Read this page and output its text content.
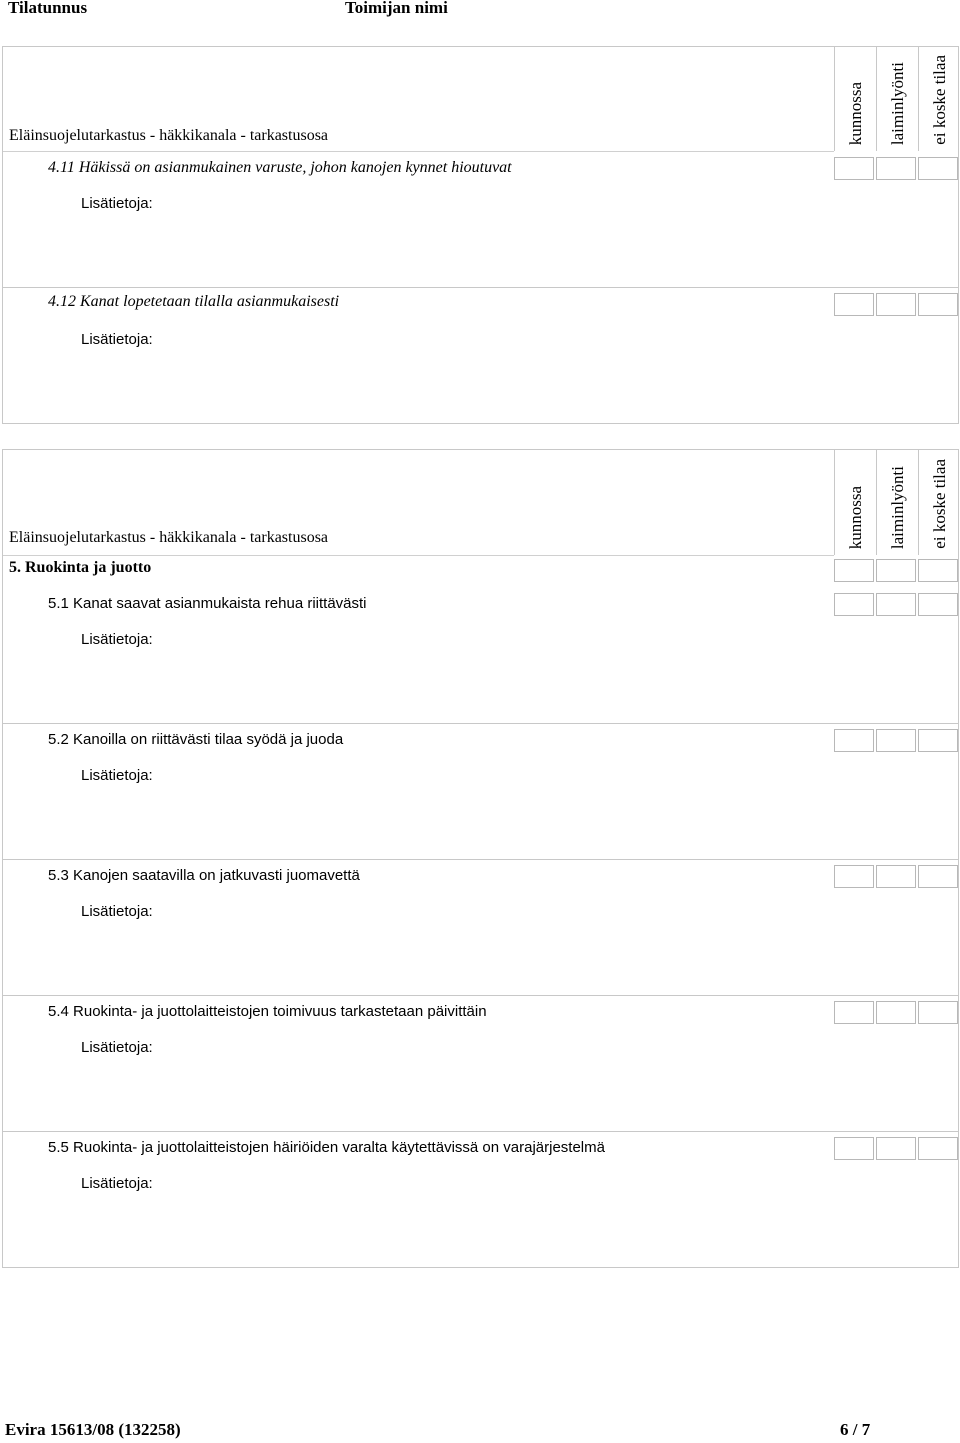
Tilatunnus	Toimijan nimi
Eläinsuojelutarkastus - häkkikanala - tarkastusosa	kunnossa laiminlyönti ei koske tilaa
4.11 Häkissä on asianmukainen varuste, johon kanojen kynnet hioutuvat
Lisätietoja:
4.12 Kanat lopetetaan tilalla asianmukaisesti
Lisätietoja:
Eläinsuojelutarkastus - häkkikanala - tarkastusosa	kunnossa laiminlyönti ei koske tilaa
5. Ruokinta ja juotto
5.1 Kanat saavat asianmukaista rehua riittävästi
Lisätietoja:
5.2 Kanoilla on riittävästi tilaa syödä ja juoda
Lisätietoja:
5.3 Kanojen saatavilla on jatkuvasti juomavettä
Lisätietoja:
5.4 Ruokinta- ja juottolaitteistojen toimivuus tarkastetaan päivittäin
Lisätietoja:
5.5 Ruokinta- ja juottolaitteistojen häiriöiden varalta käytettävissä on varajärjestelmä
Lisätietoja:
Evira 15613/08 (132258)	6 / 7
